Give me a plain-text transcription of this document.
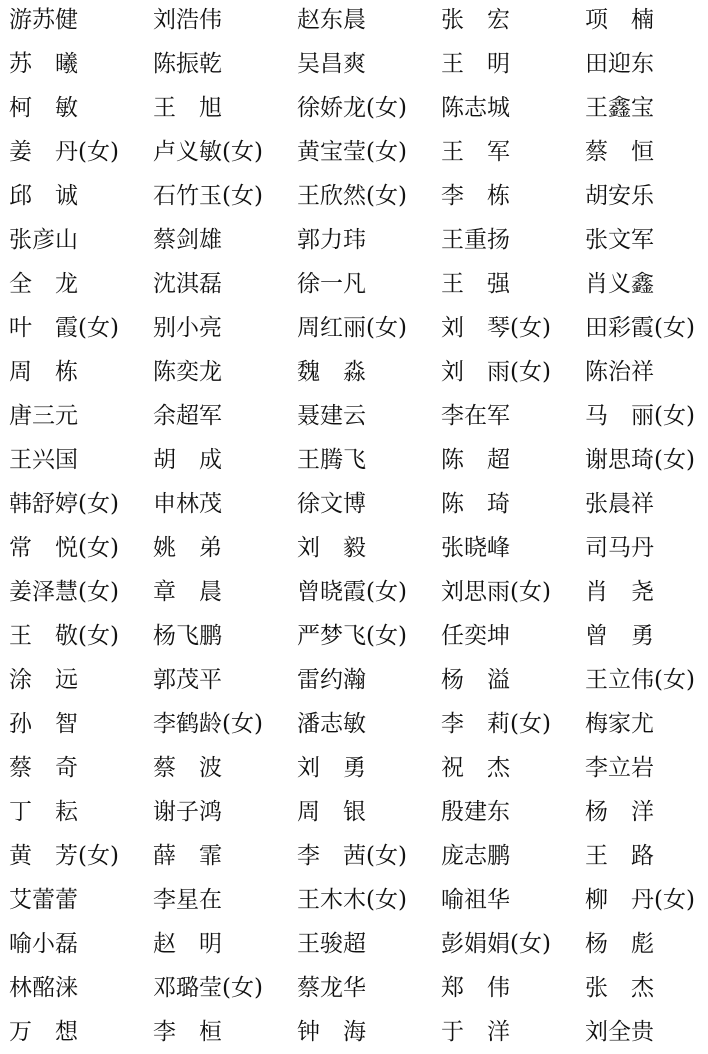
游苏健	刘浩伟	赵东晨	张　宏	项　楠
苏　曦	陈振乾	吴昌爽	王　明	田迎东
柯　敏	王　旭	徐娇龙(女)	陈志城	王鑫宝
姜　丹(女)	卢义敏(女)	黄宝莹(女)	王　军	蔡　恒
邱　诚	石竹玉(女)	王欣然(女)	李　栋	胡安乐
张彦山	蔡剑雄	郭力玮	王重扬	张文军
全　龙	沈淇磊	徐一凡	王　强	肖义鑫
叶　霞(女)	别小亮	周红丽(女)	刘　琴(女)	田彩霞(女)
周　栋	陈奕龙	魏　淼	刘　雨(女)	陈治祥
唐三元	余超军	聂建云	李在军	马　丽(女)
王兴国	胡　成	王腾飞	陈　超	谢思琦(女)
韩舒婷(女)	申林茂	徐文博	陈　琦	张晨祥
常　悦(女)	姚　弟	刘　毅	张晓峰	司马丹
姜泽慧(女)	章　晨	曾晓霞(女)	刘思雨(女)	肖　尧
王　敬(女)	杨飞鹏	严梦飞(女)	任奕坤	曾　勇
涂　远	郭茂平	雷约瀚	杨　溢	王立伟(女)
孙　智	李鹤龄(女)	潘志敏	李　莉(女)	梅家尤
蔡　奇	蔡　波	刘　勇	祝　杰	李立岩
丁　耘	谢子鸿	周　银	殷建东	杨　洋
黄　芳(女)	薛　霏	李　茜(女)	庞志鹏	王　路
艾蕾蕾	李星在	王木木(女)	喻祖华	柳　丹(女)
喻小磊	赵　明	王骏超	彭娟娟(女)	杨　彪
林酩涞	邓璐莹(女)	蔡龙华	郑　伟	张　杰
万　想	李　桓	钟　海	于　洋	刘全贵
